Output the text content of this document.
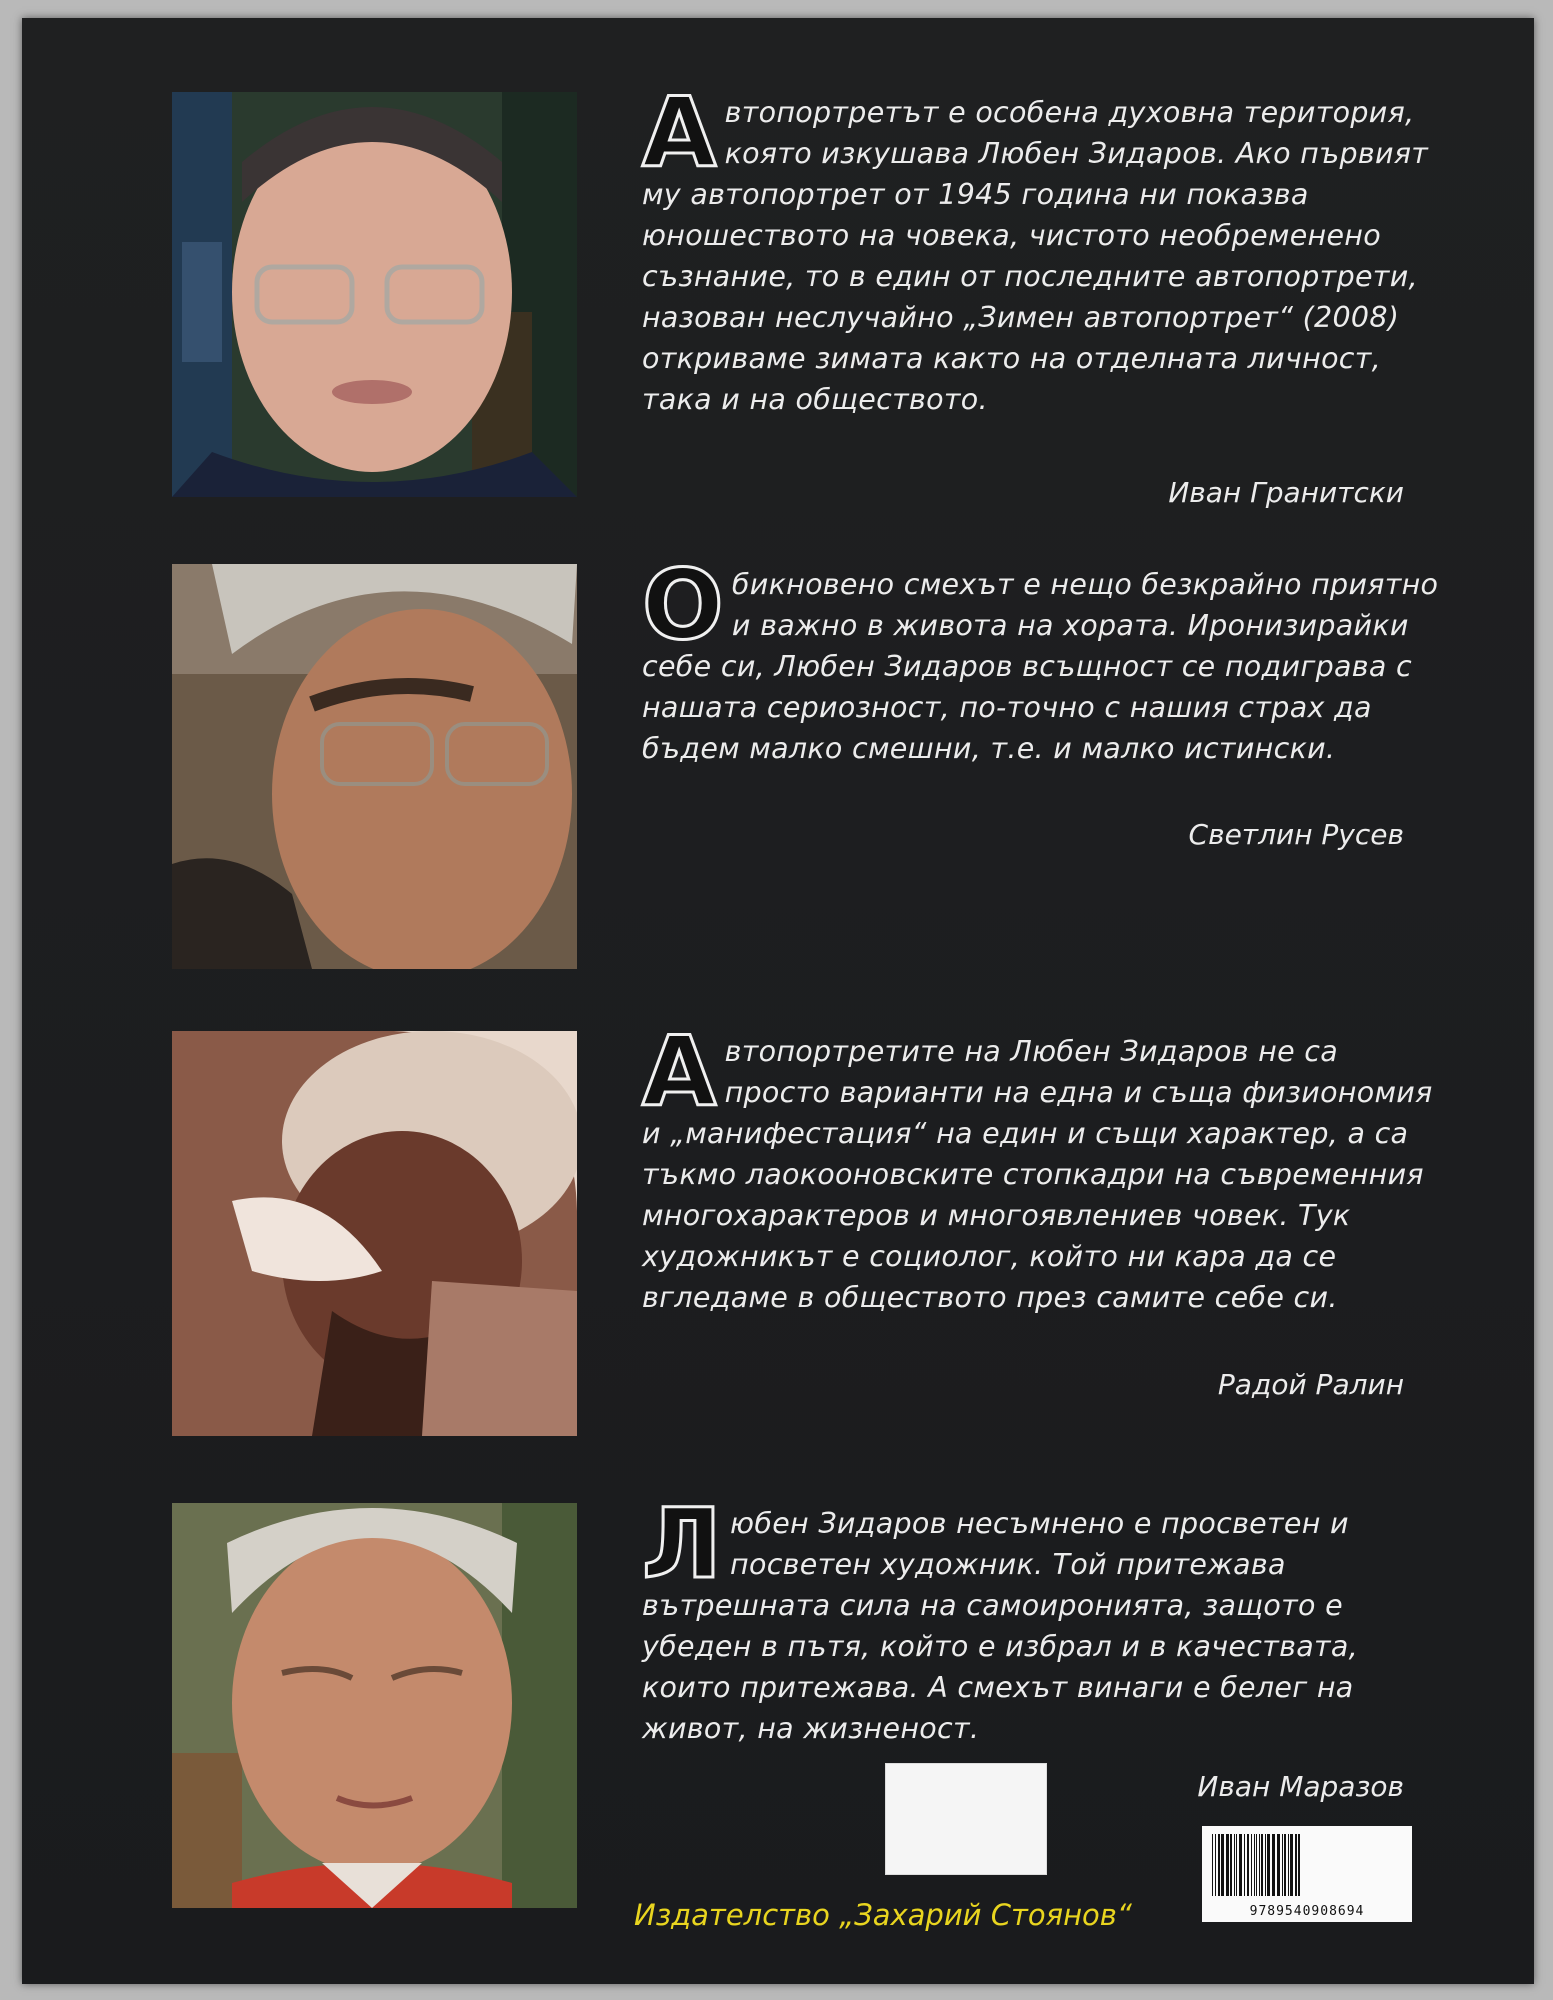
А втопортретът е особена духовна територия, която изкушава Любен Зидаров. Ако първият му автопортрет от 1945 година ни показва юношеството на човека, чистото необременено съзнание, то в един от последните автопортрети, назован неслучайно „Зимен автопортрет“ (2008) откриваме зимата както на отделната личност, така и на обществото.

Иван Гранитски
О бикновено смехът е нещо безкрайно приятно и важно в живота на хората. Иронизирайки себе си, Любен Зидаров всъщност се подиграва с нашата сериозност, по-точно с нашия страх да бъдем малко смешни, т.е. и малко истински.

Светлин Русев
А втопортретите на Любен Зидаров не са просто варианти на една и съща физиономия и „манифестация“ на един и същи характер, а са тъкмо лаокооновските стопкадри на съвременния многохарактеров и многоявлениев човек. Тук художникът е социолог, който ни кара да се вгледаме в обществото през самите себе си.

Радой Ралин
Л юбен Зидаров несъмнено е просветен и посветен художник. Той притежава вътрешната сила на самоиронията, защото е убеден в пътя, който е избрал и в качествата, които притежава. А смехът винаги е белег на живот, на жизненост.

Иван Маразов
Издателство „Захарий Стоянов“	9789540908694
